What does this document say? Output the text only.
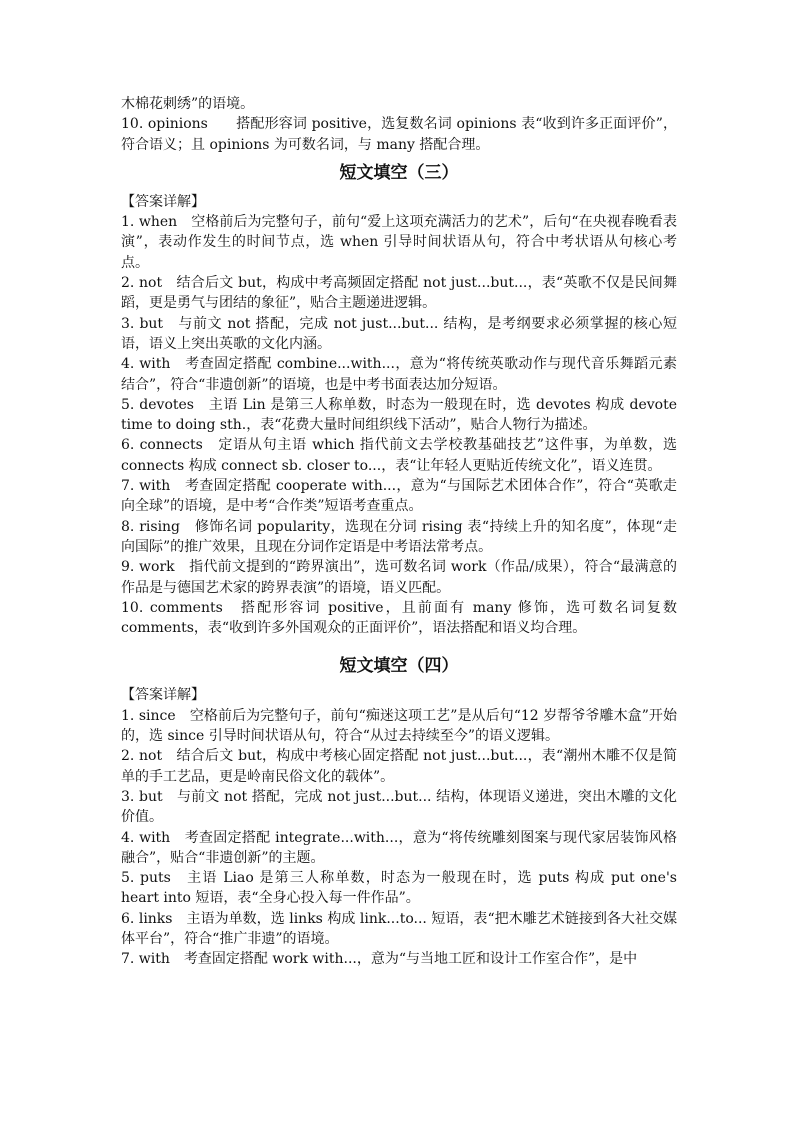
木棉花刺绣”的语境。

10. opinions　　搭配形容词 positive，选复数名词 opinions 表“收到许多正面评价”，符合语义；且 opinions 为可数名词，与 many 搭配合理。

短文填空（三）

【答案详解】

1. when　空格前后为完整句子，前句“爱上这项充满活力的艺术”，后句“在央视春晚看表演”，表动作发生的时间节点，选 when 引导时间状语从句，符合中考状语从句核心考点。

2. not　结合后文 but，构成中考高频固定搭配 not just...but...，表“英歌不仅是民间舞蹈，更是勇气与团结的象征”，贴合主题递进逻辑。

3. but　与前文 not 搭配，完成 not just...but... 结构，是考纲要求必须掌握的核心短语，语义上突出英歌的文化内涵。

4. with　考查固定搭配 combine...with...，意为“将传统英歌动作与现代音乐舞蹈元素结合”，符合“非遗创新”的语境，也是中考书面表达加分短语。

5. devotes　主语 Lin 是第三人称单数，时态为一般现在时，选 devotes 构成 devote time to doing sth.，表“花费大量时间组织线下活动”，贴合人物行为描述。

6. connects　定语从句主语 which 指代前文去学校教基础技艺”这件事，为单数，选 connects 构成 connect sb. closer to...，表“让年轻人更贴近传统文化”，语义连贯。

7. with　考查固定搭配 cooperate with...，意为“与国际艺术团体合作”，符合“英歌走向全球”的语境，是中考“合作类”短语考查重点。

8. rising　修饰名词 popularity，选现在分词 rising 表“持续上升的知名度”，体现“走向国际”的推广效果，且现在分词作定语是中考语法常考点。

9. work　指代前文提到的“跨界演出”，选可数名词 work（作品/成果），符合“最满意的作品是与德国艺术家的跨界表演”的语境，语义匹配。

10. comments　搭配形容词 positive，且前面有 many 修饰，选可数名词复数 comments，表“收到许多外国观众的正面评价”，语法搭配和语义均合理。

短文填空（四）

【答案详解】

1. since　空格前后为完整句子，前句“痴迷这项工艺”是从后句“12 岁帮爷爷雕木盒”开始的，选 since 引导时间状语从句，符合“从过去持续至今”的语义逻辑。

2. not　结合后文 but，构成中考核心固定搭配 not just...but...，表“潮州木雕不仅是简单的手工艺品，更是岭南民俗文化的载体”。

3. but　与前文 not 搭配，完成 not just...but... 结构，体现语义递进，突出木雕的文化价值。

4. with　考查固定搭配 integrate...with...，意为“将传统雕刻图案与现代家居装饰风格融合”，贴合“非遗创新”的主题。

5. puts　主语 Liao 是第三人称单数，时态为一般现在时，选 puts 构成 put one's heart into 短语，表“全身心投入每一件作品”。

6. links　主语为单数，选 links 构成 link...to... 短语，表“把木雕艺术链接到各大社交媒体平台”，符合“推广非遗”的语境。

7. with　考查固定搭配 work with...，意为“与当地工匠和设计工作室合作”，是中
